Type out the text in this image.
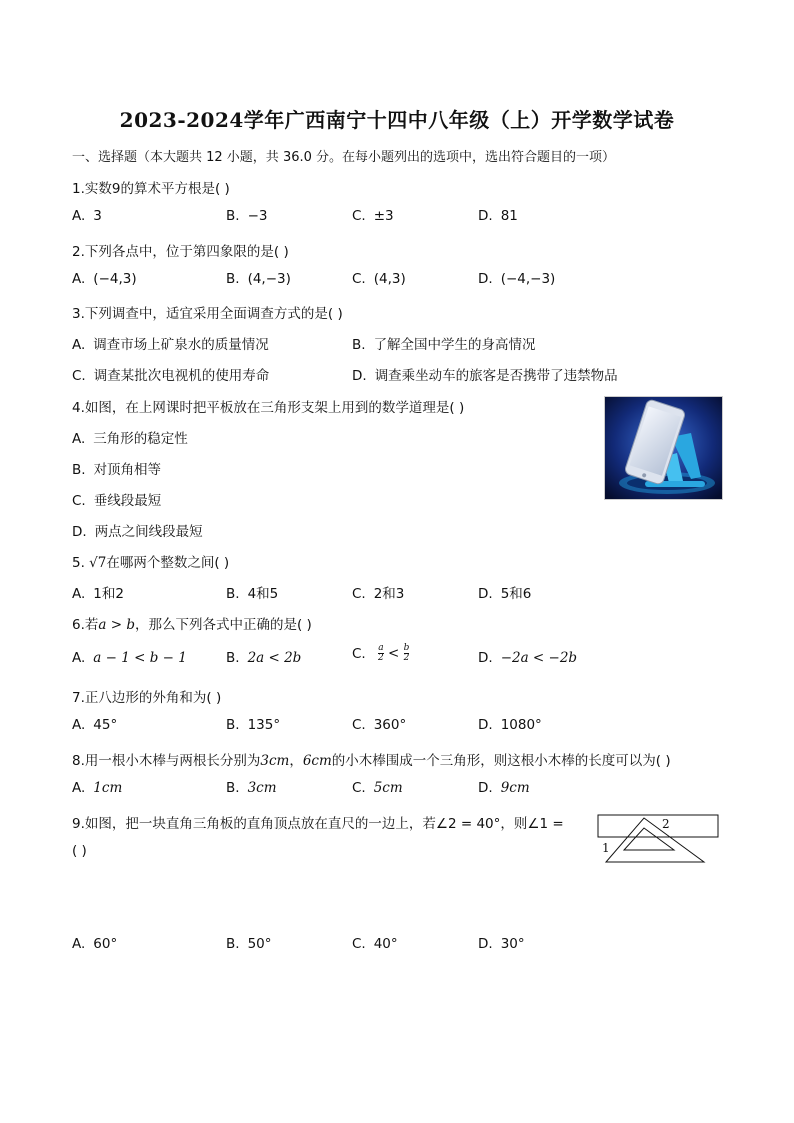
2023-2024学年广西南宁十四中八年级（上）开学数学试卷
一、选择题（本大题共 12 小题，共 36.0 分。在每小题列出的选项中，选出符合题目的一项）
1.实数9的算术平方根是( )
A. 3	B. −3	C. ±3	D. 81
2.下列各点中，位于第四象限的是( )
A. (−4,3)	B. (4,−3)	C. (4,3)	D. (−4,−3)
3.下列调查中，适宜采用全面调查方式的是( )
A. 调查市场上矿泉水的质量情况	B. 了解全国中学生的身高情况
C. 调查某批次电视机的使用寿命	D. 调查乘坐动车的旅客是否携带了违禁物品
4.如图，在上网课时把平板放在三角形支架上用到的数学道理是( )
A. 三角形的稳定性
B. 对顶角相等
C. 垂线段最短
D. 两点之间线段最短
5. √7在哪两个整数之间( )
A. 1和2	B. 4和5	C. 2和3	D. 5和6
6.若a > b，那么下列各式中正确的是( )
A. a − 1 < b − 1	B. 2a < 2b	C. $\frac{a}{2} < \frac{b}{2}$	D. −2a < −2b
7.正八边形的外角和为( )
A. 45°	B. 135°	C. 360°	D. 1080°
8.用一根小木棒与两根长分别为3cm，6cm的小木棒围成一个三角形，则这根小木棒的长度可以为( )
A. 1cm	B. 3cm	C. 5cm	D. 9cm
9.如图，把一块直角三角板的直角顶点放在直尺的一边上，若∠2 = 40°，则∠1 =
( )	1
2
A. 60°	B. 50°	C. 40°	D. 30°
